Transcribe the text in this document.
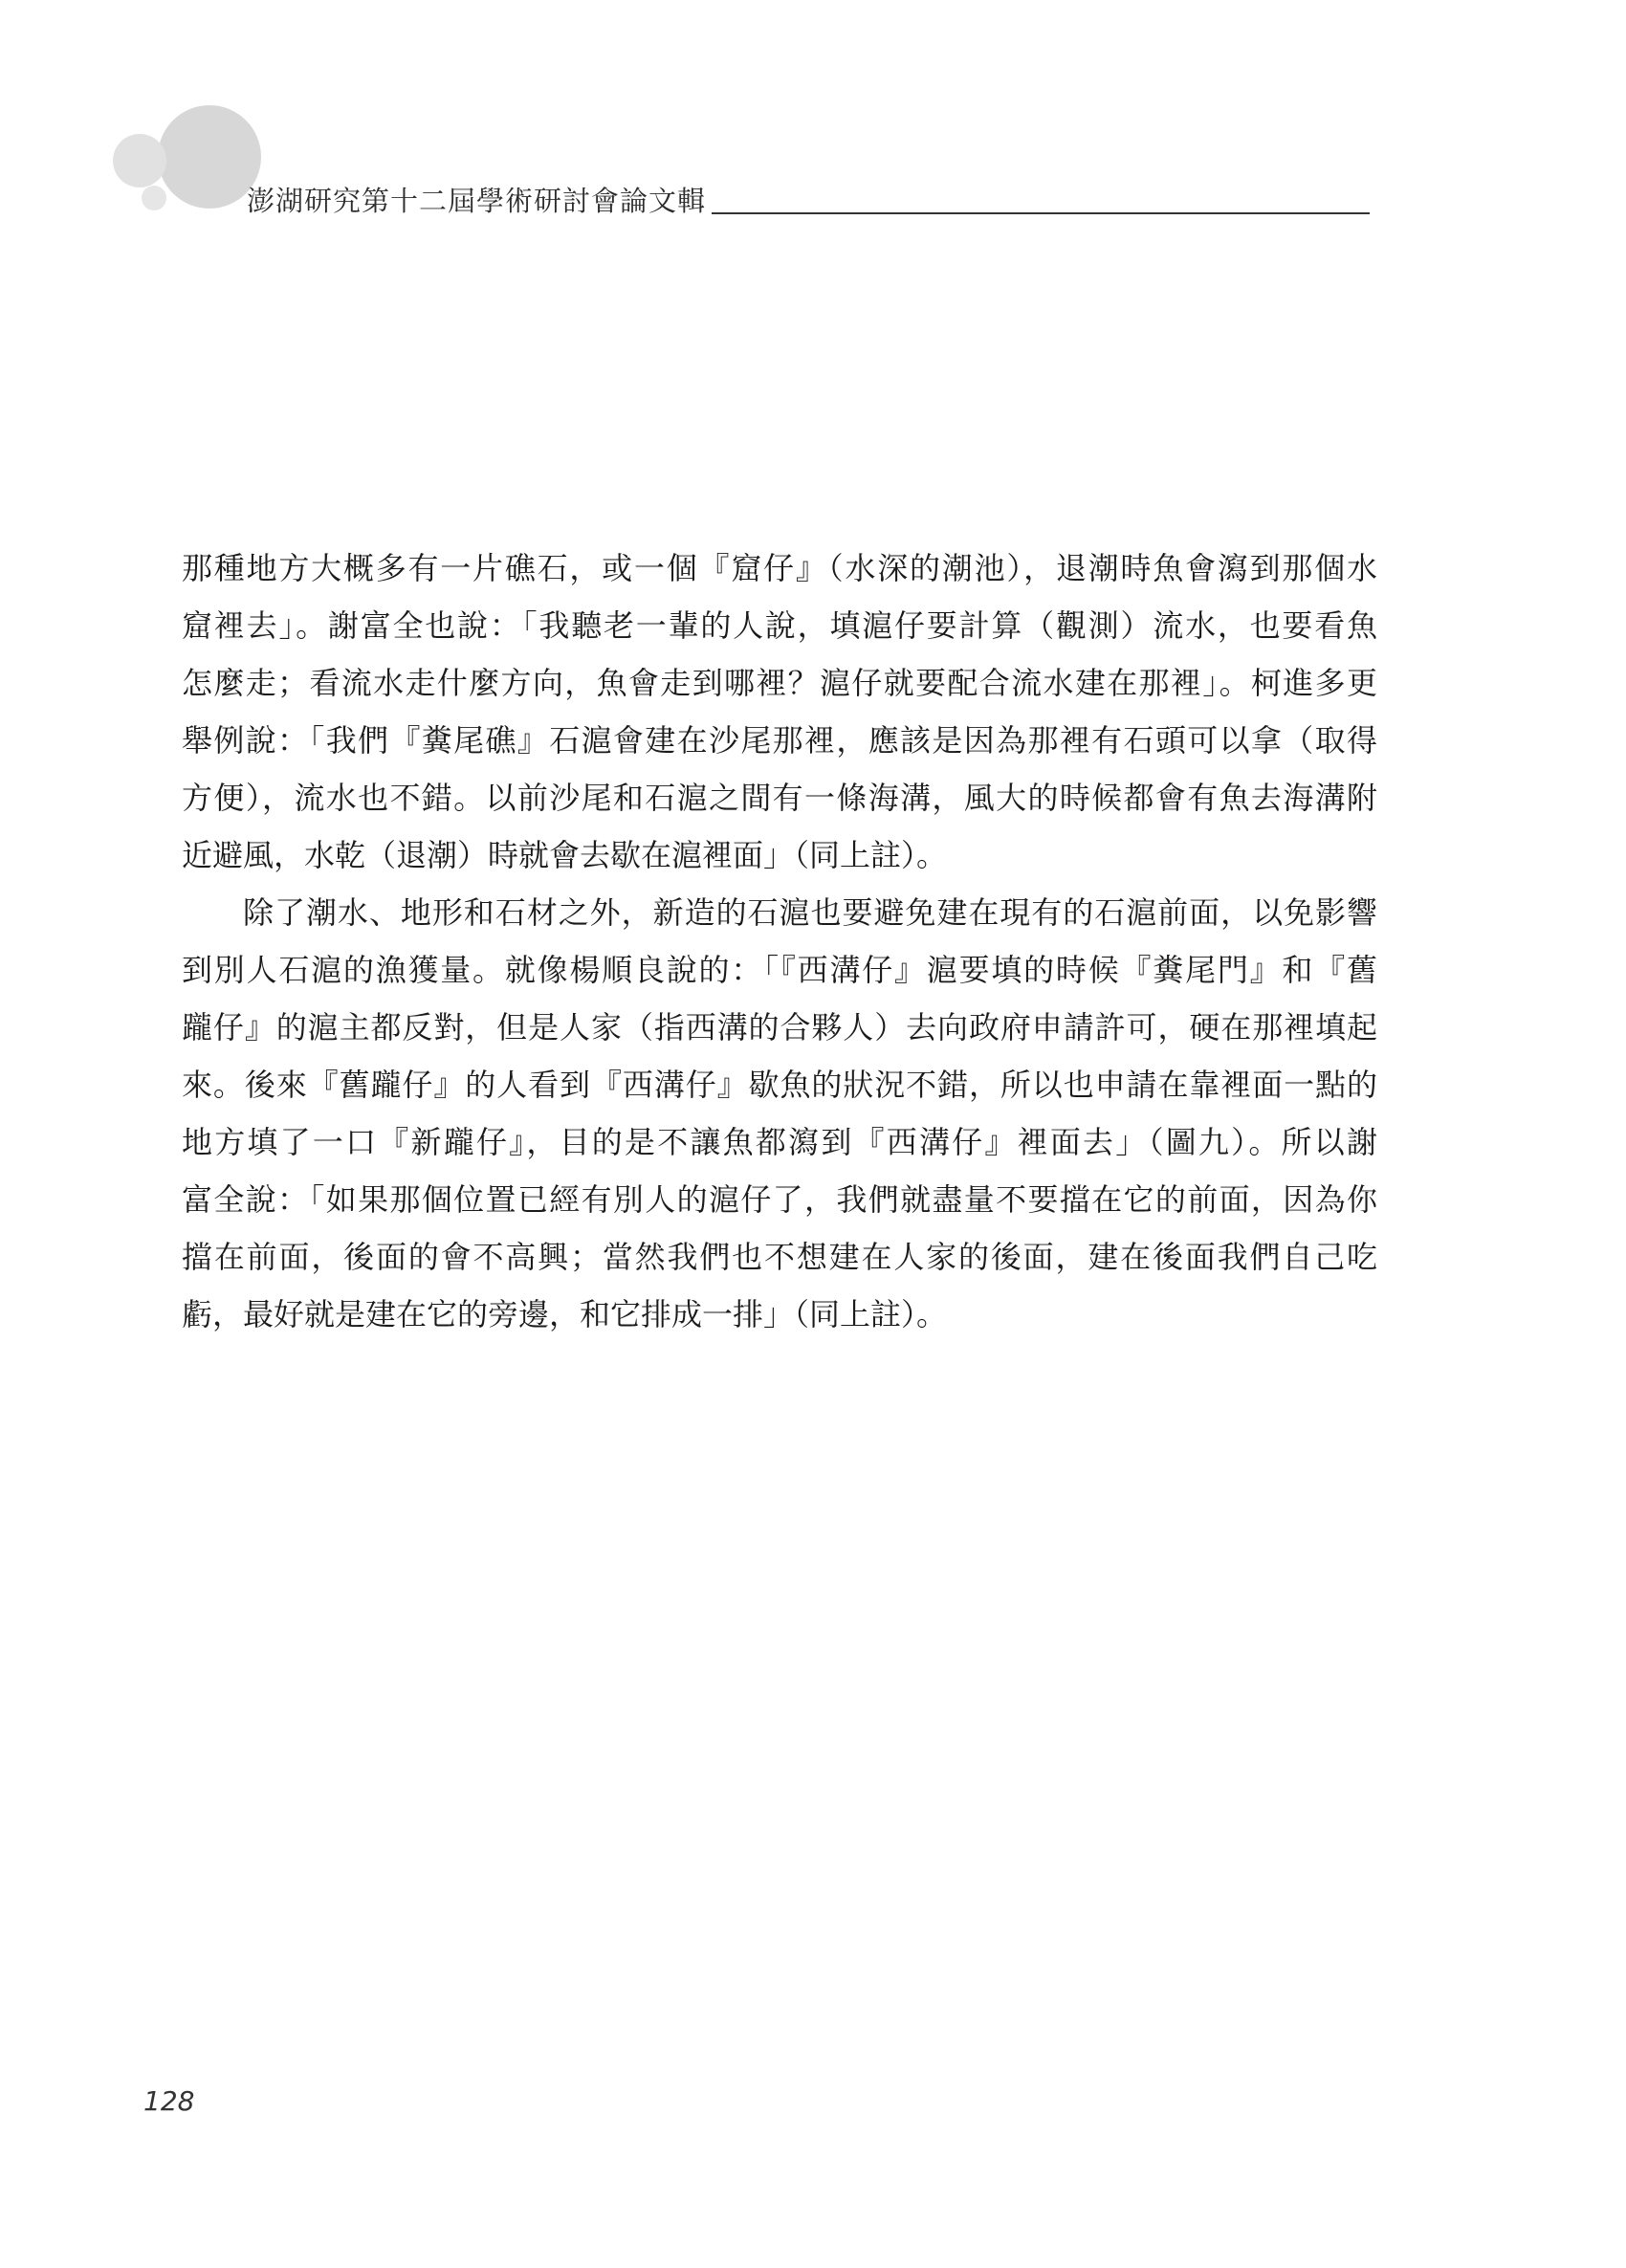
澎湖研究第十二屆學術研討會論文輯
那種地方大概多有一片礁石，或一個『窟仔』（水深的潮池），退潮時魚會瀉到那個水
窟裡去」。謝富全也說：「我聽老一輩的人說，填滬仔要計算（觀測）流水，也要看魚
怎麼走；看流水走什麼方向，魚會走到哪裡？滬仔就要配合流水建在那裡」。柯進多更
舉例說：「我們『糞尾礁』石滬會建在沙尾那裡，應該是因為那裡有石頭可以拿（取得
方便），流水也不錯。以前沙尾和石滬之間有一條海溝，風大的時候都會有魚去海溝附
近避風，水乾（退潮）時就會去歇在滬裡面」（同上註）。
除了潮水、地形和石材之外，新造的石滬也要避免建在現有的石滬前面，以免影響
到別人石滬的漁獲量。就像楊順良說的：「『西溝仔』滬要填的時候『糞尾門』和『舊
躘仔』的滬主都反對，但是人家（指西溝的合夥人）去向政府申請許可，硬在那裡填起
來。後來『舊躘仔』的人看到『西溝仔』歇魚的狀況不錯，所以也申請在靠裡面一點的
地方填了一口『新躘仔』，目的是不讓魚都瀉到『西溝仔』裡面去」（圖九）。所以謝
富全說：「如果那個位置已經有別人的滬仔了，我們就盡量不要擋在它的前面，因為你
擋在前面，後面的會不高興；當然我們也不想建在人家的後面，建在後面我們自己吃
虧，最好就是建在它的旁邊，和它排成一排」（同上註）。
128
